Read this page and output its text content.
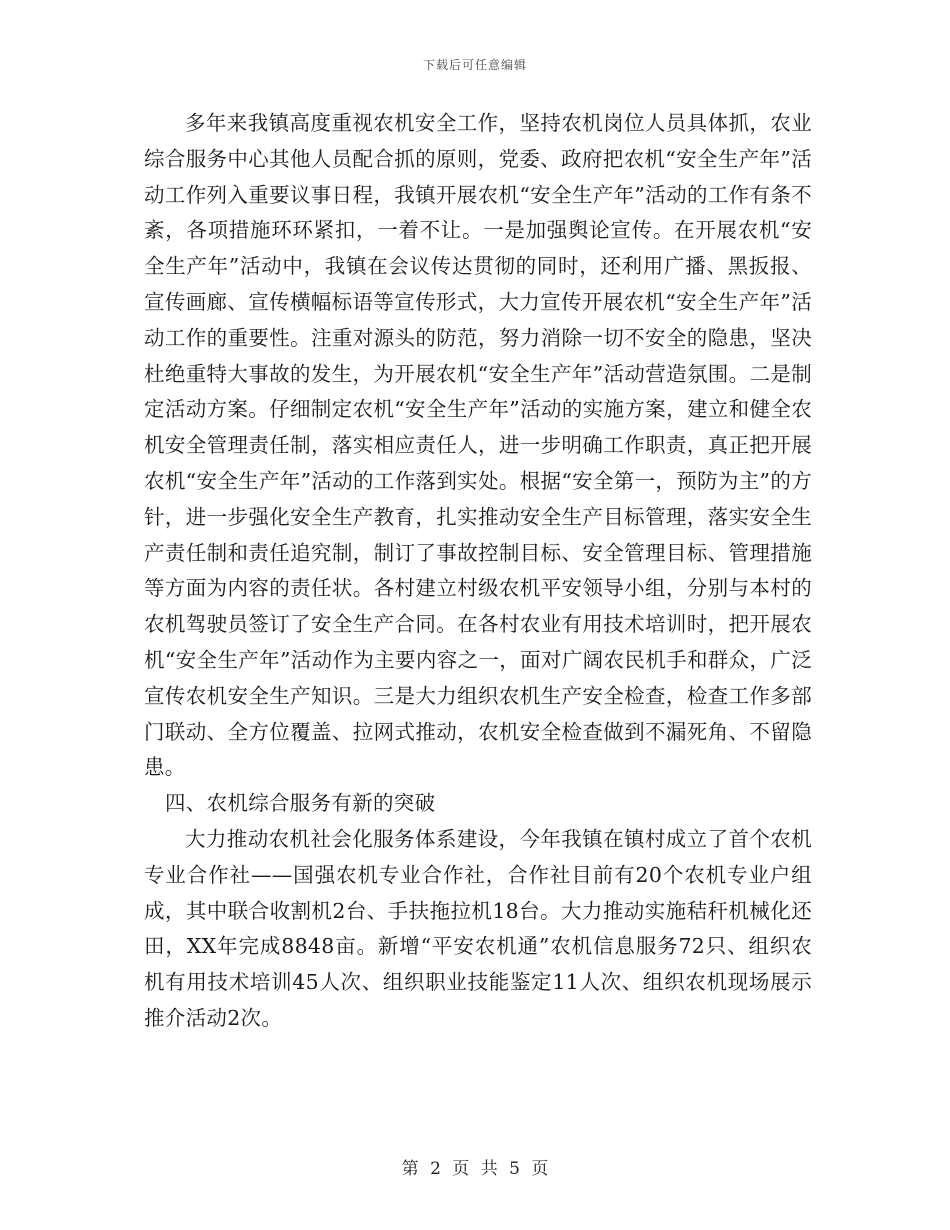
下载后可任意编辑

多年来我镇高度重视农机安全工作，坚持农机岗位人员具体抓，农业综合服务中心其他人员配合抓的原则，党委、政府把农机“安全生产年”活动工作列入重要议事日程，我镇开展农机“安全生产年”活动的工作有条不紊，各项措施环环紧扣，一着不让。一是加强舆论宣传。在开展农机“安全生产年”活动中，我镇在会议传达贯彻的同时，还利用广播、黑扳报、宣传画廊、宣传横幅标语等宣传形式，大力宣传开展农机“安全生产年”活动工作的重要性。注重对源头的防范，努力消除一切不安全的隐患，坚决杜绝重特大事故的发生，为开展农机“安全生产年”活动营造氛围。二是制定活动方案。仔细制定农机“安全生产年”活动的实施方案，建立和健全农机安全管理责任制，落实相应责任人，进一步明确工作职责，真正把开展农机“安全生产年”活动的工作落到实处。根据“安全第一，预防为主”的方针，进一步强化安全生产教育，扎实推动安全生产目标管理，落实安全生产责任制和责任追究制，制订了事故控制目标、安全管理目标、管理措施等方面为内容的责任状。各村建立村级农机平安领导小组，分别与本村的农机驾驶员签订了安全生产合同。在各村农业有用技术培训时，把开展农机“安全生产年”活动作为主要内容之一，面对广阔农民机手和群众，广泛宣传农机安全生产知识。三是大力组织农机生产安全检查，检查工作多部门联动、全方位覆盖、拉网式推动，农机安全检查做到不漏死角、不留隐患。

四、农机综合服务有新的突破

大力推动农机社会化服务体系建设，今年我镇在镇村成立了首个农机专业合作社——国强农机专业合作社，合作社目前有20个农机专业户组成，其中联合收割机2台、手扶拖拉机18台。大力推动实施秸秆机械化还田，XX年完成8848亩。新增“平安农机通”农机信息服务72只、组织农机有用技术培训45人次、组织职业技能鉴定11人次、组织农机现场展示推介活动2次。

第 2 页 共 5 页
